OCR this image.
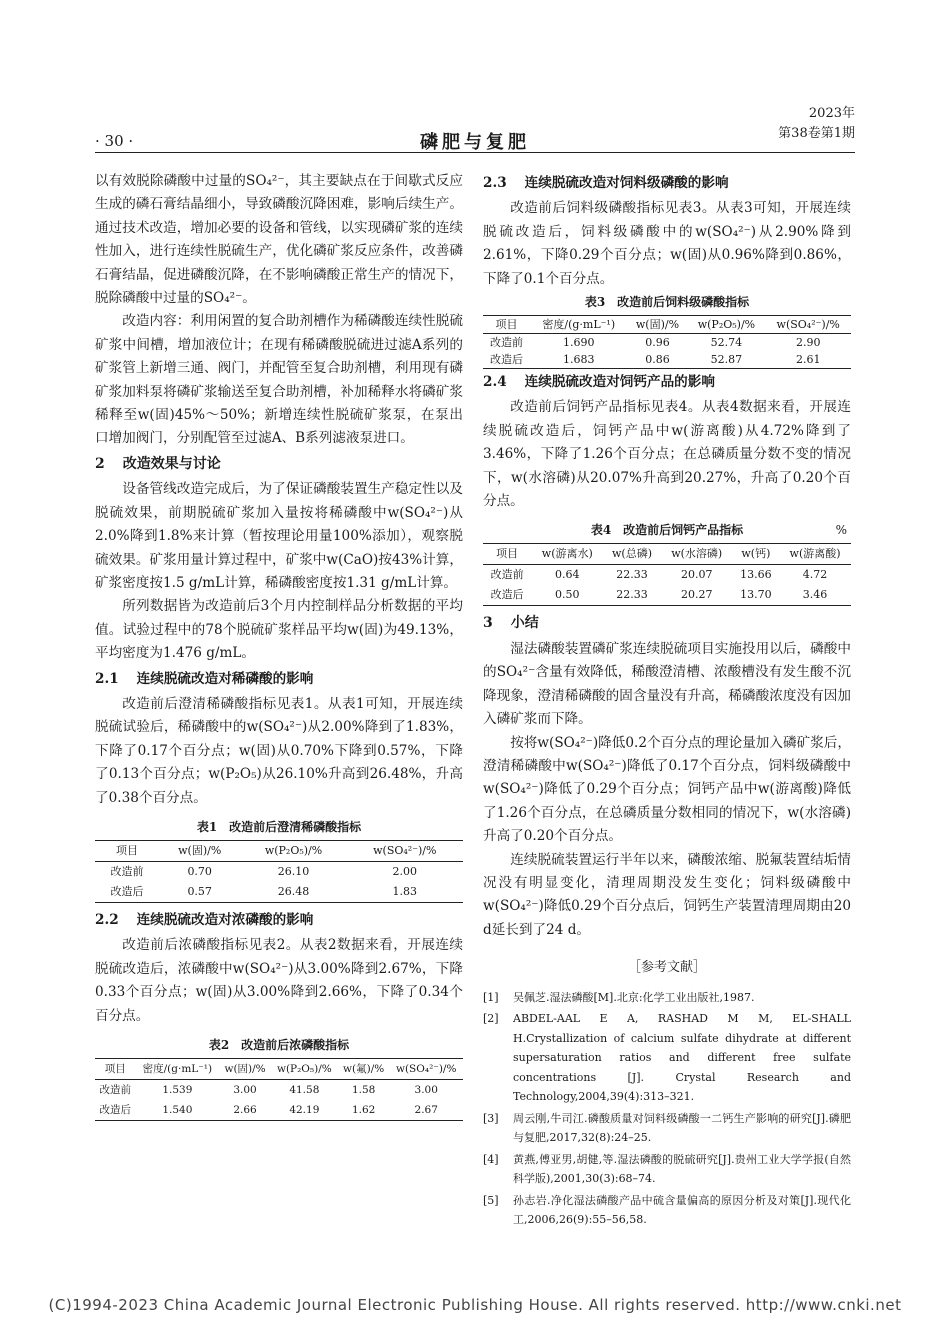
· 30 ·	磷肥与复肥
2023年
第38卷第1期

以有效脱除磷酸中过量的SO₄²⁻，其主要缺点在于间歇式反应生成的磷石膏结晶细小，导致磷酸沉降困难，影响后续生产。通过技术改造，增加必要的设备和管线，以实现磷矿浆的连续性加入，进行连续性脱硫生产，优化磷矿浆反应条件，改善磷石膏结晶，促进磷酸沉降，在不影响磷酸正常生产的情况下，脱除磷酸中过量的SO₄²⁻。

改造内容：利用闲置的复合助剂槽作为稀磷酸连续性脱硫矿浆中间槽，增加液位计；在现有稀磷酸脱硫进过滤A系列的矿浆管上新增三通、阀门，并配管至复合助剂槽，利用现有磷矿浆加料泵将磷矿浆输送至复合助剂槽，补加稀释水将磷矿浆稀释至w(固)45%～50%；新增连续性脱硫矿浆泵，在泵出口增加阀门，分别配管至过滤A、B系列滤液泵进口。

2 改造效果与讨论

设备管线改造完成后，为了保证磷酸装置生产稳定性以及脱硫效果，前期脱硫矿浆加入量按将稀磷酸中w(SO₄²⁻)从2.0%降到1.8%来计算（暂按理论用量100%添加），观察脱硫效果。矿浆用量计算过程中，矿浆中w(CaO)按43%计算，矿浆密度按1.5 g/mL计算，稀磷酸密度按1.31 g/mL计算。

所列数据皆为改造前后3个月内控制样品分析数据的平均值。试验过程中的78个脱硫矿浆样品平均w(固)为49.13%，平均密度为1.476 g/mL。

2.1 连续脱硫改造对稀磷酸的影响

改造前后澄清稀磷酸指标见表1。从表1可知，开展连续脱硫试验后，稀磷酸中的w(SO₄²⁻)从2.00%降到了1.83%，下降了0.17个百分点；w(固)从0.70%下降到0.57%，下降了0.13个百分点；w(P₂O₅)从26.10%升高到26.48%，升高了0.38个百分点。

表1　改造前后澄清稀磷酸指标
项目	w(固)/%	w(P₂O₅)/%	w(SO₄²⁻)/%
改造前	0.70	26.10	2.00
改造后	0.57	26.48	1.83
2.2 连续脱硫改造对浓磷酸的影响

改造前后浓磷酸指标见表2。从表2数据来看，开展连续脱硫改造后，浓磷酸中w(SO₄²⁻)从3.00%降到2.67%，下降0.33个百分点；w(固)从3.00%降到2.66%，下降了0.34个百分点。

表2　改造前后浓磷酸指标
项目	密度/(g·mL⁻¹)	w(固)/%	w(P₂O₅)/%	w(氟)/%	w(SO₄²⁻)/%
改造前	1.539	3.00	41.58	1.58	3.00
改造后	1.540	2.66	42.19	1.62	2.67
2.3 连续脱硫改造对饲料级磷酸的影响

改造前后饲料级磷酸指标见表3。从表3可知，开展连续脱硫改造后，饲料级磷酸中的w(SO₄²⁻)从2.90%降到2.61%，下降0.29个百分点；w(固)从0.96%降到0.86%，下降了0.1个百分点。

表3　改造前后饲料级磷酸指标
项目	密度/(g·mL⁻¹)	w(固)/%	w(P₂O₅)/%	w(SO₄²⁻)/%
改造前	1.690	0.96	52.74	2.90
改造后	1.683	0.86	52.87	2.61
2.4 连续脱硫改造对饲钙产品的影响

改造前后饲钙产品指标见表4。从表4数据来看，开展连续脱硫改造后，饲钙产品中w(游离酸)从4.72%降到了3.46%，下降了1.26个百分点；在总磷质量分数不变的情况下，w(水溶磷)从20.07%升高到20.27%，升高了0.20个百分点。

表4　改造前后饲钙产品指标	%
项目	w(游离水)	w(总磷)	w(水溶磷)	w(钙)	w(游离酸)
改造前	0.64	22.33	20.07	13.66	4.72
改造后	0.50	22.33	20.27	13.70	3.46
3 小结

湿法磷酸装置磷矿浆连续脱硫项目实施投用以后，磷酸中的SO₄²⁻含量有效降低，稀酸澄清槽、浓酸槽没有发生酸不沉降现象，澄清稀磷酸的固含量没有升高，稀磷酸浓度没有因加入磷矿浆而下降。

按将w(SO₄²⁻)降低0.2个百分点的理论量加入磷矿浆后，澄清稀磷酸中w(SO₄²⁻)降低了0.17个百分点，饲料级磷酸中w(SO₄²⁻)降低了0.29个百分点；饲钙产品中w(游离酸)降低了1.26个百分点，在总磷质量分数相同的情况下，w(水溶磷)升高了0.20个百分点。

连续脱硫装置运行半年以来，磷酸浓缩、脱氟装置结垢情况没有明显变化，清理周期没发生变化；饲料级磷酸中w(SO₄²⁻)降低0.29个百分点后，饲钙生产装置清理周期由20 d延长到了24 d。

［参考文献］
[1]	吴佩芝.湿法磷酸[M].北京:化学工业出版社,1987.
[2]	ABDEL-AAL E A, RASHAD M M, EL-SHALL H.Crystallization of calcium sulfate dihydrate at different supersaturation ratios and different free sulfate concentrations [J]. Crystal Research and Technology,2004,39(4):313–321.
[3]	周云刚,牛司江.磷酸质量对饲料级磷酸一二钙生产影响的研究[J].磷肥与复肥,2017,32(8):24–25.
[4]	黄燕,傅亚男,胡健,等.湿法磷酸的脱硫研究[J].贵州工业大学学报(自然科学版),2001,30(3):68–74.
[5]	孙志岩.净化湿法磷酸产品中硫含量偏高的原因分析及对策[J].现代化工,2006,26(9):55–56,58.
(C)1994-2023 China Academic Journal Electronic Publishing House. All rights reserved. http://www.cnki.net
